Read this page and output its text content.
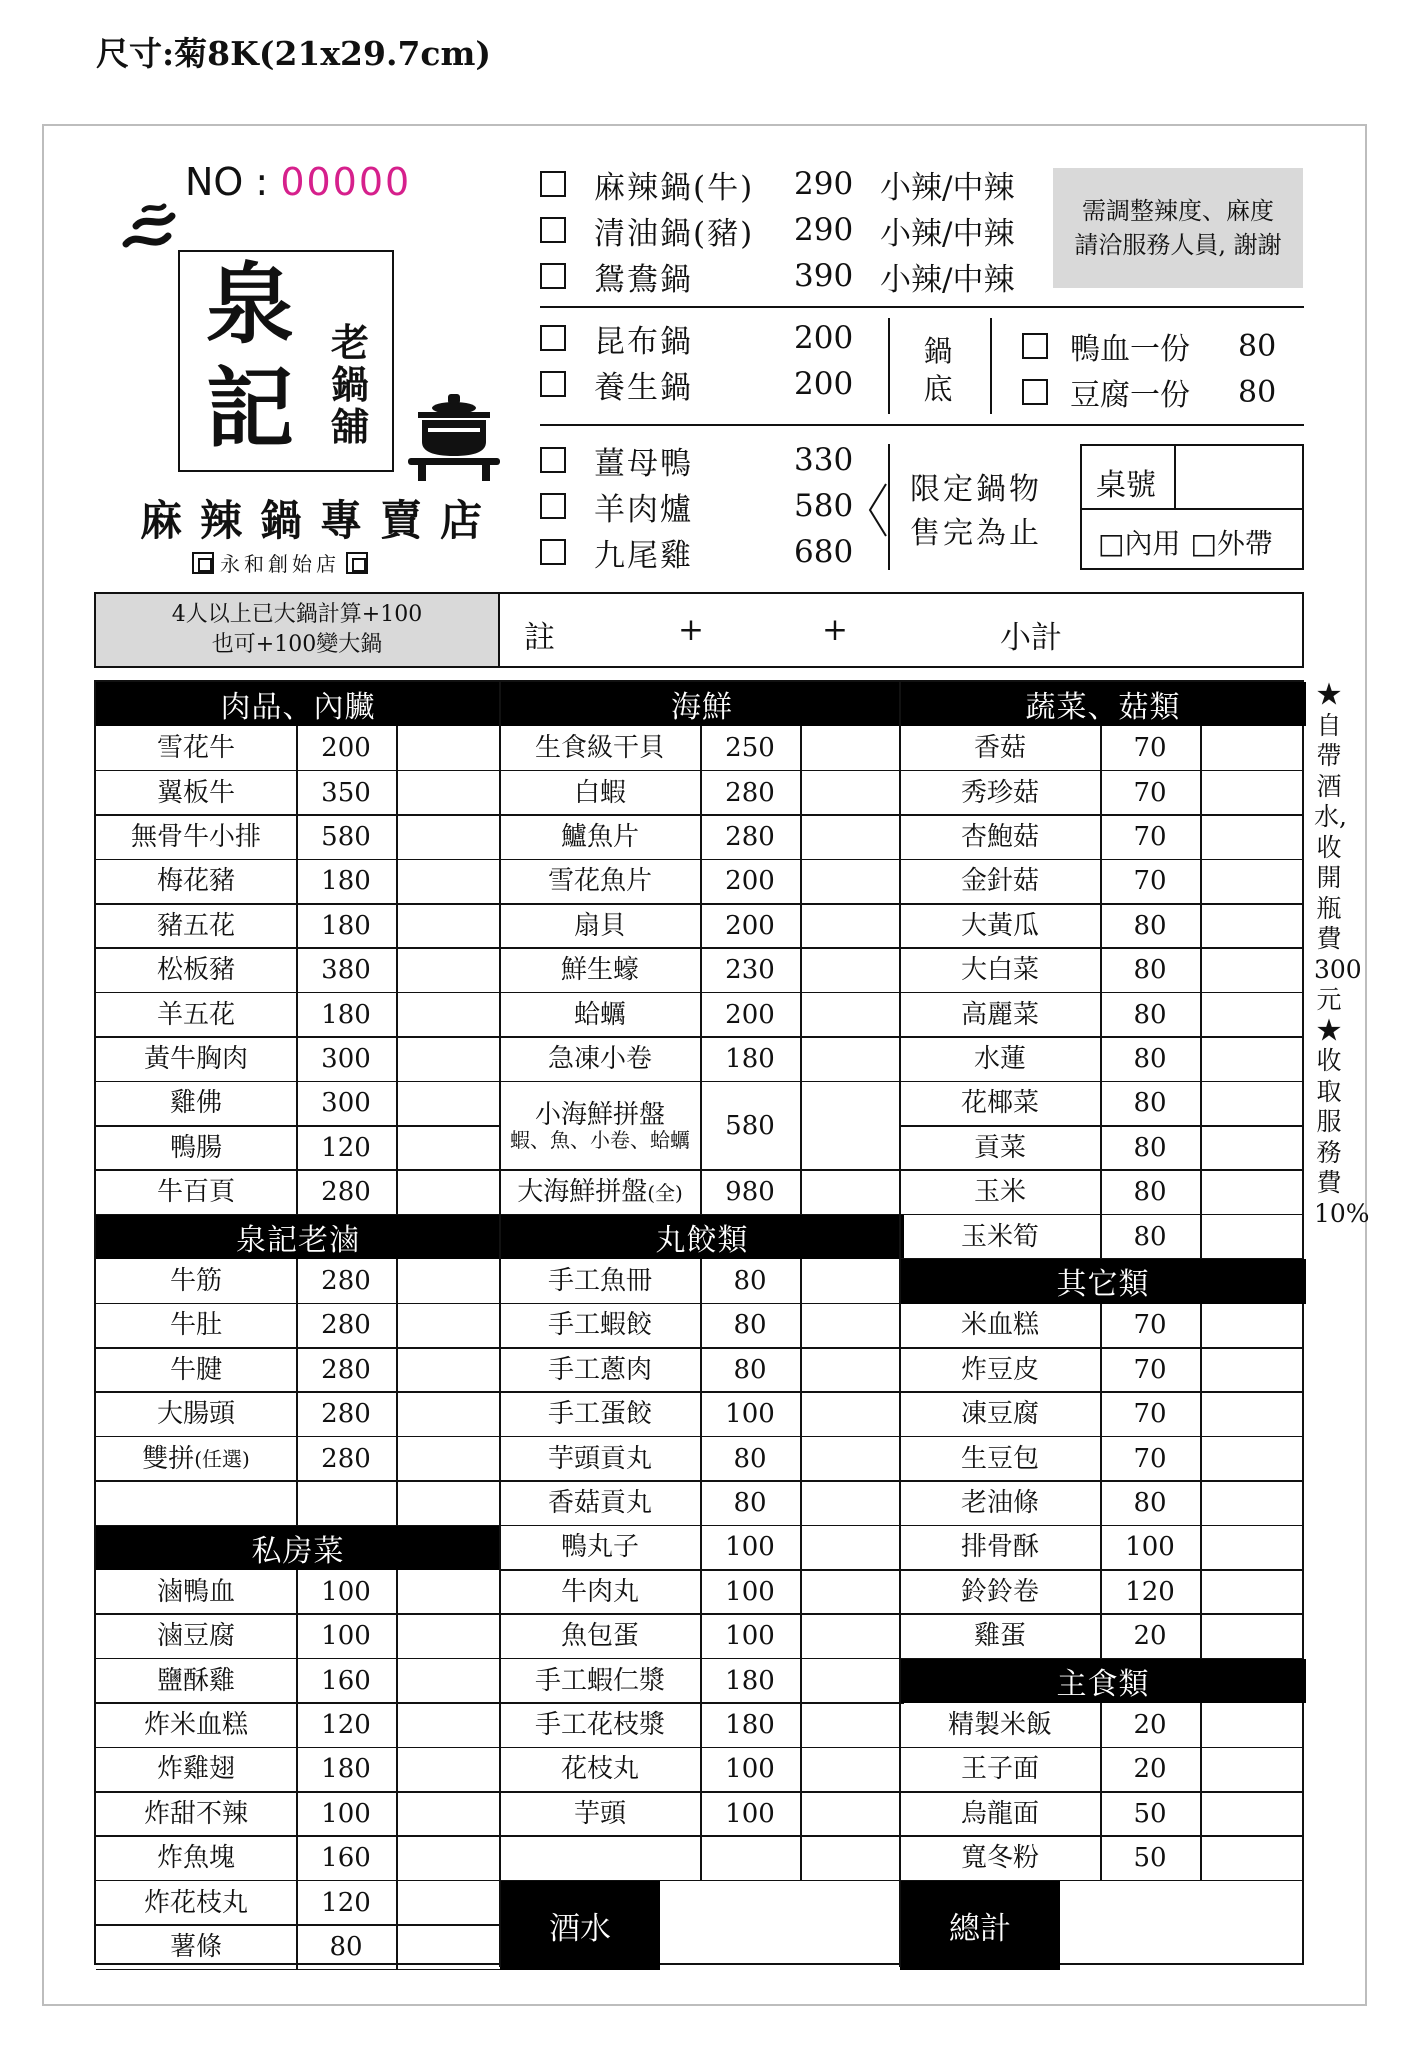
尺寸:菊8K(21x29.7cm)
NO : 00000
泉
記
老
鍋
舖
麻辣鍋專賣店
永和創始店
麻辣鍋(牛)	290 小辣/中辣
清油鍋(豬)	290 小辣/中辣
鴛鴦鍋	390 小辣/中辣
昆布鍋	200
養生鍋	200
薑母鴨	330
羊肉爐	580
九尾雞	680
需調整辣度、麻度
請洽服務人員, 謝謝
鍋
底
鴨血一份	80
豆腐一份	80
限定鍋物
售完為止
桌號
□內用 □外帶
4人以上已大鍋計算+100
也可+100變大鍋	註	+	+	小計
肉品、內臟
雪花牛	200
翼板牛	350
無骨牛小排	580
梅花豬	180
豬五花	180
松板豬	380
羊五花	180
黃牛胸肉	300
雞佛	300
鴨腸	120
牛百頁	280
泉記老滷
牛筋	280
牛肚	280
牛腱	280
大腸頭	280
雙拼 (任選)	280
私房菜
滷鴨血	100
滷豆腐	100
鹽酥雞	160
炸米血糕	120
炸雞翅	180
炸甜不辣	100
炸魚塊	160
炸花枝丸	120
薯條	80
海鮮
生食級干貝	250
白蝦	280
鱸魚片	280
雪花魚片	200
扇貝	200
鮮生蠔	230
蛤蠣	200
急凍小卷	180
小海鮮拼盤
蝦、魚、小卷、蛤蠣	580
大海鮮拼盤 (全)	980
丸餃類
手工魚冊	80
手工蝦餃	80
手工蔥肉	80
手工蛋餃	100
芋頭貢丸	80
香菇貢丸	80
鴨丸子	100
牛肉丸	100
魚包蛋	100
手工蝦仁漿	180
手工花枝漿	180
花枝丸	100
芋頭	100
酒水
蔬菜、菇類
香菇	70
秀珍菇	70
杏鮑菇	70
金針菇	70
大黃瓜	80
大白菜	80
高麗菜	80
水蓮	80
花椰菜	80
貢菜	80
玉米	80
玉米筍	80
其它類
米血糕	70
炸豆皮	70
凍豆腐	70
生豆包	70
老油條	80
排骨酥	100
鈴鈴卷	120
雞蛋	20
主食類
精製米飯	20
王子面	20
烏龍面	50
寬冬粉	50
總計
★自帶酒水,收開瓶費300元★收取服務費10%
